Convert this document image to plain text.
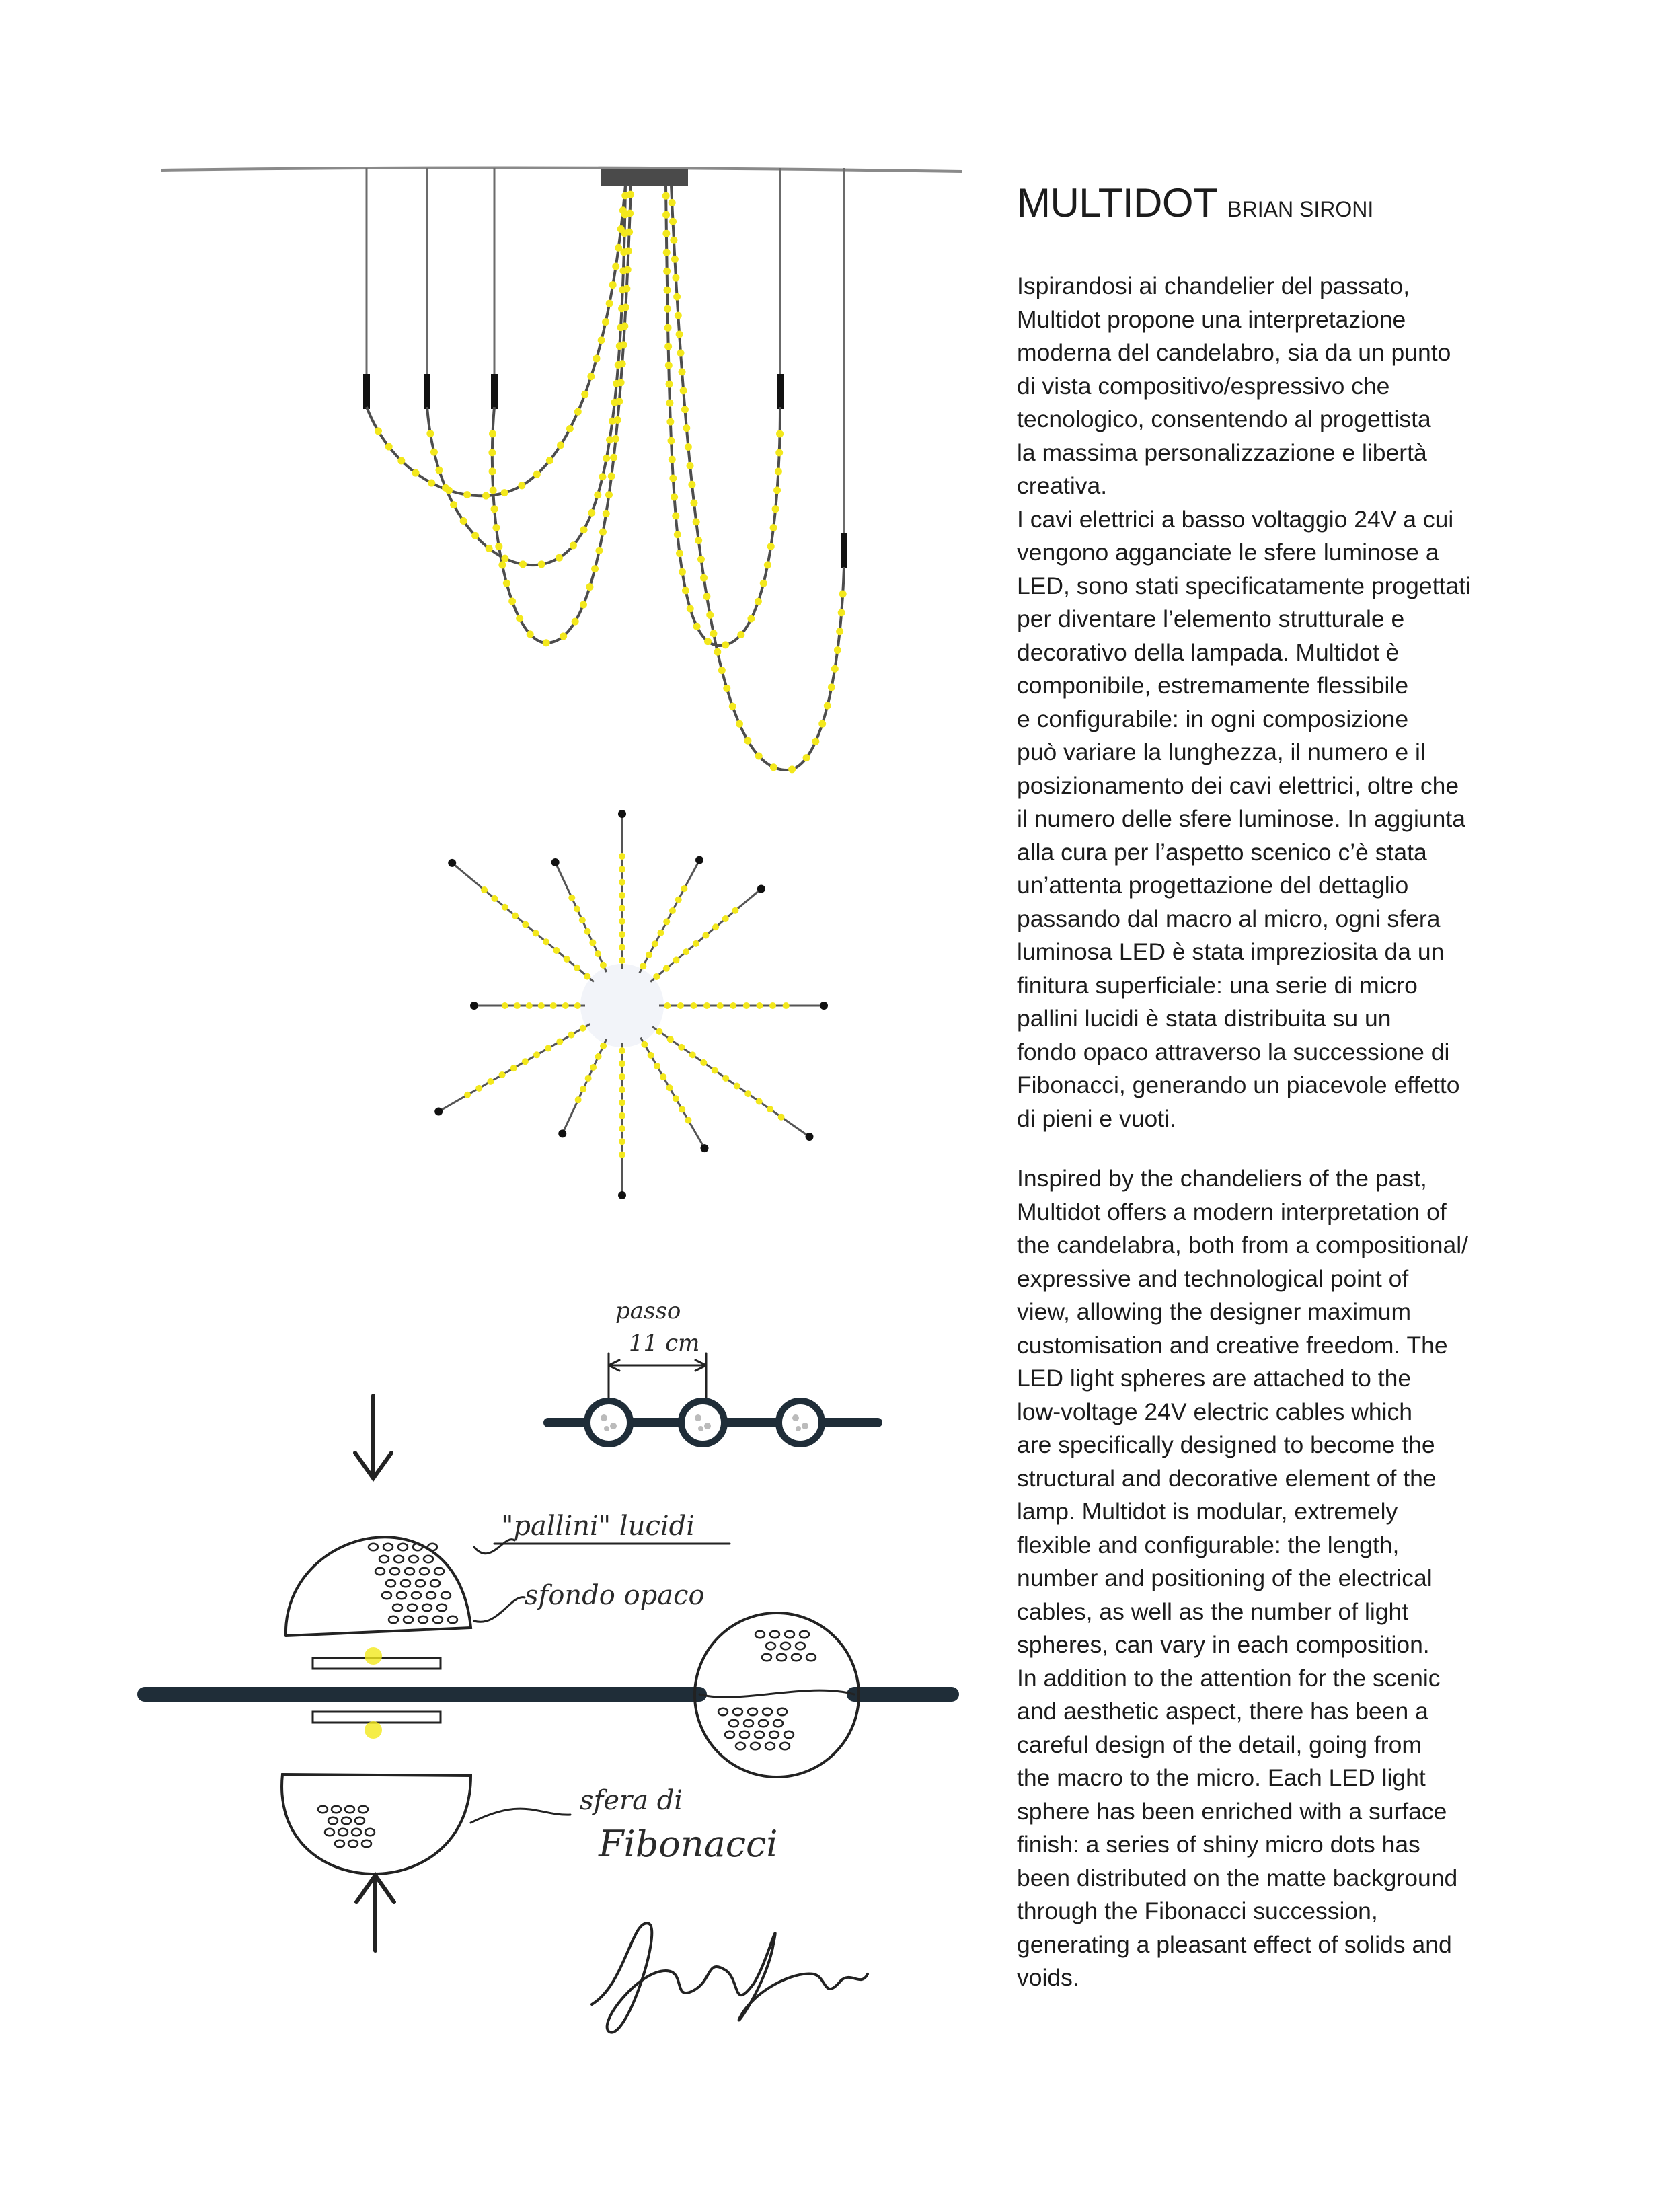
passo
11 cm
"pallini" lucidi
sfondo opaco
sfera di
Fibonacci
MULTIDOT BRIAN SIRONI

Ispirandosi ai chandelier del passato,
Multidot propone una interpretazione
moderna del candelabro, sia da un punto
di vista compositivo/espressivo che
tecnologico, consentendo al progettista
la massima personalizzazione e libertà
creativa.
I cavi elettrici a basso voltaggio 24V a cui
vengono agganciate le sfere luminose a
LED, sono stati specificatamente progettati
per diventare l’elemento strutturale e
decorativo della lampada. Multidot è
componibile, estremamente flessibile
e configurabile: in ogni composizione
può variare la lunghezza, il numero e il
posizionamento dei cavi elettrici, oltre che
il numero delle sfere luminose. In aggiunta
alla cura per l’aspetto scenico c’è stata
un’attenta progettazione del dettaglio
passando dal macro al micro, ogni sfera
luminosa LED è stata impreziosita da un
finitura superficiale: una serie di micro
pallini lucidi è stata distribuita su un
fondo opaco attraverso la successione di
Fibonacci, generando un piacevole effetto
di pieni e vuoti.

Inspired by the chandeliers of the past,
Multidot offers a modern interpretation of
the candelabra, both from a compositional/
expressive and technological point of
view, allowing the designer maximum
customisation and creative freedom. The
LED light spheres are attached to the
low-voltage 24V electric cables which
are specifically designed to become the
structural and decorative element of the
lamp. Multidot is modular, extremely
flexible and configurable: the length,
number and positioning of the electrical
cables, as well as the number of light
spheres, can vary in each composition.
In addition to the attention for the scenic
and aesthetic aspect, there has been a
careful design of the detail, going from
the macro to the micro. Each LED light
sphere has been enriched with a surface
finish: a series of shiny micro dots has
been distributed on the matte background
through the Fibonacci succession,
generating a pleasant effect of solids and
voids.
